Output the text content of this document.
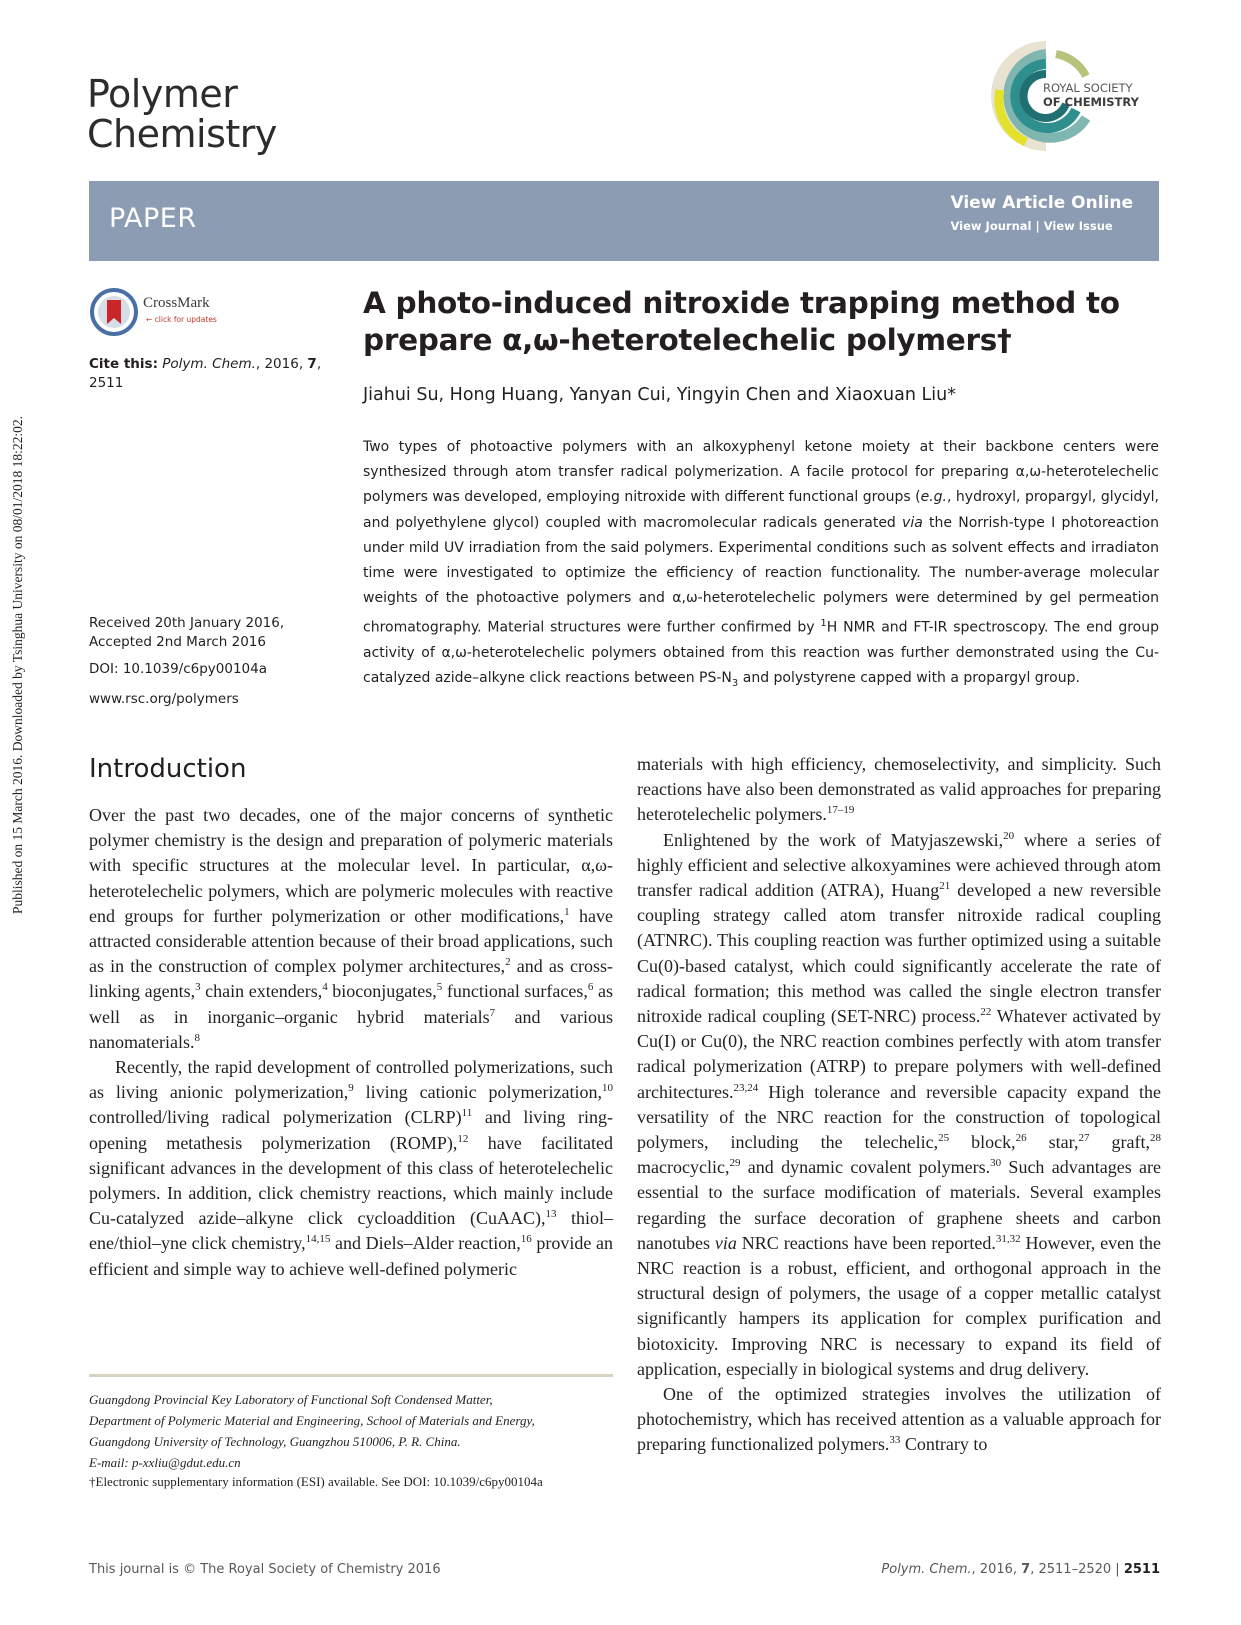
Published on 15 March 2016. Downloaded by Tsinghua University on 08/01/2018 18:22:02.
Polymer
Chemistry
ROYAL SOCIETY
OF CHEMISTRY
PAPER	View Article Online
View Journal | View Issue
CrossMark
← click for updates
Cite this: Polym. Chem., 2016, 7,
2511
Received 20th January 2016,
Accepted 2nd March 2016
DOI: 10.1039/c6py00104a
www.rsc.org/polymers
A photo-induced nitroxide trapping method to
prepare α,ω-heterotelechelic polymers†
Jiahui Su, Hong Huang, Yanyan Cui, Yingyin Chen and Xiaoxuan Liu*
Two types of photoactive polymers with an alkoxyphenyl ketone moiety at their backbone centers were synthesized through atom transfer radical polymerization. A facile protocol for preparing α,ω-heterotelechelic polymers was developed, employing nitroxide with different functional groups (e.g., hydroxyl, propargyl, glycidyl, and polyethylene glycol) coupled with macromolecular radicals generated via the Norrish-type I photoreaction under mild UV irradiation from the said polymers. Experimental conditions such as solvent effects and irradiaton time were investigated to optimize the efficiency of reaction functionality. The number-average molecular weights of the photoactive polymers and α,ω-heterotelechelic polymers were determined by gel permeation chromatography. Material structures were further confirmed by $^1$H NMR and FT-IR spectroscopy. The end group activity of α,ω-heterotelechelic polymers obtained from this reaction was further demonstrated using the Cu-catalyzed azide–alkyne click reactions between $PS-N_3$ and polystyrene capped with a propargyl group.
Introduction

Over the past two decades, one of the major concerns of synthetic polymer chemistry is the design and preparation of polymeric materials with specific structures at the molecular level. In particular, α,ω-heterotelechelic polymers, which are polymeric molecules with reactive end groups for further polymerization or other modifications,$^1$ have attracted considerable attention because of their broad applications, such as in the construction of complex polymer architectures,$^2$ and as cross-linking agents,$^3$ chain extenders,$^4$ bioconjugates,$^5$ functional surfaces,$^6$ as well as in inorganic–organic hybrid materials$^7$ and various nanomaterials.$^8$

Recently, the rapid development of controlled polymerizations, such as living anionic polymerization,$^9$ living cationic polymerization,$^{10}$ controlled/living radical polymerization (CLRP)$^{11}$ and living ring-opening metathesis polymerization (ROMP),$^{12}$ have facilitated significant advances in the development of this class of heterotelechelic polymers. In addition, click chemistry reactions, which mainly include Cu-catalyzed azide–alkyne click cycloaddition (CuAAC),$^{13}$ thiol–ene/thiol–yne click chemistry,$^{14,15}$ and Diels–Alder reaction,$^{16}$ provide an efficient and simple way to achieve well-defined polymeric

materials with high efficiency, chemoselectivity, and simplicity. Such reactions have also been demonstrated as valid approaches for preparing heterotelechelic polymers.$^{17-19}$

Enlightened by the work of Matyjaszewski,$^{20}$ where a series of highly efficient and selective alkoxyamines were achieved through atom transfer radical addition (ATRA), Huang$^{21}$ developed a new reversible coupling strategy called atom transfer nitroxide radical coupling (ATNRC). This coupling reaction was further optimized using a suitable Cu(0)-based catalyst, which could significantly accelerate the rate of radical formation; this method was called the single electron transfer nitroxide radical coupling (SET-NRC) process.$^{22}$ Whatever activated by Cu(I) or Cu(0), the NRC reaction combines perfectly with atom transfer radical polymerization (ATRP) to prepare polymers with well-defined architectures.$^{23,24}$ High tolerance and reversible capacity expand the versatility of the NRC reaction for the construction of topological polymers, including the telechelic,$^{25}$ block,$^{26}$ star,$^{27}$ graft,$^{28}$ macrocyclic,$^{29}$ and dynamic covalent polymers.$^{30}$ Such advantages are essential to the surface modification of materials. Several examples regarding the surface decoration of graphene sheets and carbon nanotubes via NRC reactions have been reported.$^{31,32}$ However, even the NRC reaction is a robust, efficient, and orthogonal approach in the structural design of polymers, the usage of a copper metallic catalyst significantly hampers its application for complex purification and biotoxicity. Improving NRC is necessary to expand its field of application, especially in biological systems and drug delivery.

One of the optimized strategies involves the utilization of photochemistry, which has received attention as a valuable approach for preparing functionalized polymers.$^{33}$ Contrary to

Guangdong Provincial Key Laboratory of Functional Soft Condensed Matter,
Department of Polymeric Material and Engineering, School of Materials and Energy,
Guangdong University of Technology, Guangzhou 510006, P. R. China.
E-mail: p-xxliu@gdut.edu.cn
†Electronic supplementary information (ESI) available. See DOI: 10.1039/c6py00104a
This journal is © The Royal Society of Chemistry 2016	Polym. Chem., 2016, 7, 2511–2520 | 2511
